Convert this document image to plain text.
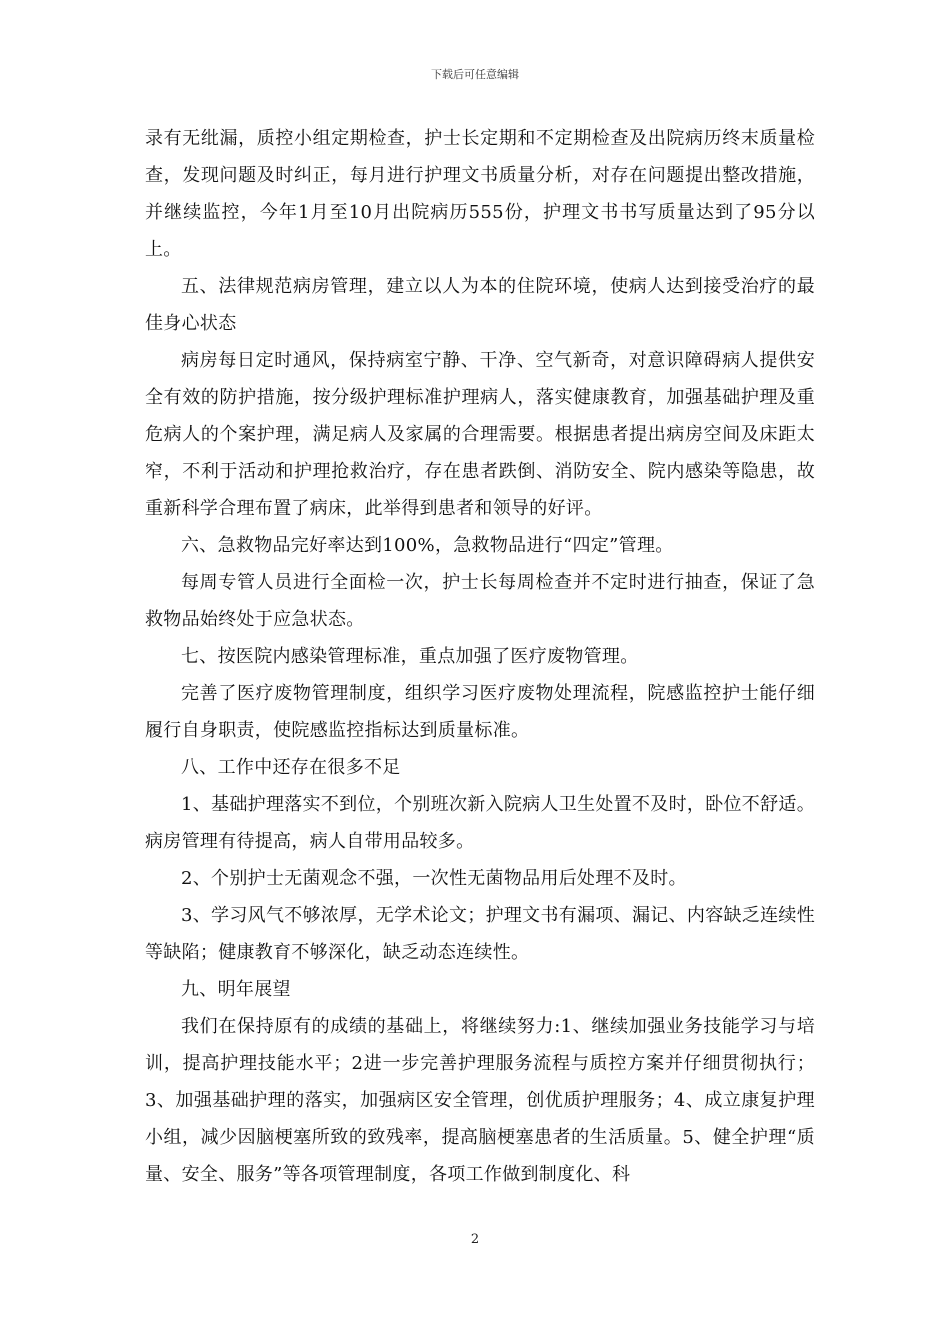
下载后可任意编辑

录有无纰漏，质控小组定期检查，护士长定期和不定期检查及出院病历终末质量检查，发现问题及时纠正，每月进行护理文书质量分析，对存在问题提出整改措施，并继续监控，今年1月至10月出院病历555份，护理文书书写质量达到了95分以上。

五、法律规范病房管理，建立以人为本的住院环境，使病人达到接受治疗的最佳身心状态

病房每日定时通风，保持病室宁静、干净、空气新奇，对意识障碍病人提供安全有效的防护措施，按分级护理标准护理病人，落实健康教育，加强基础护理及重危病人的个案护理，满足病人及家属的合理需要。根据患者提出病房空间及床距太窄，不利于活动和护理抢救治疗，存在患者跌倒、消防安全、院内感染等隐患，故重新科学合理布置了病床，此举得到患者和领导的好评。

六、急救物品完好率达到100%，急救物品进行“四定”管理。

每周专管人员进行全面检一次，护士长每周检查并不定时进行抽查，保证了急救物品始终处于应急状态。

七、按医院内感染管理标准，重点加强了医疗废物管理。

完善了医疗废物管理制度，组织学习医疗废物处理流程，院感监控护士能仔细履行自身职责，使院感监控指标达到质量标准。

八、工作中还存在很多不足

1、基础护理落实不到位，个别班次新入院病人卫生处置不及时，卧位不舒适。病房管理有待提高，病人自带用品较多。

2、个别护士无菌观念不强，一次性无菌物品用后处理不及时。

3、学习风气不够浓厚，无学术论文；护理文书有漏项、漏记、内容缺乏连续性等缺陷；健康教育不够深化，缺乏动态连续性。

九、明年展望

我们在保持原有的成绩的基础上，将继续努力:1、继续加强业务技能学习与培训，提高护理技能水平；2进一步完善护理服务流程与质控方案并仔细贯彻执行；3、加强基础护理的落实，加强病区安全管理，创优质护理服务；4、成立康复护理小组，减少因脑梗塞所致的致残率，提高脑梗塞患者的生活质量。5、健全护理“质量、安全、服务”等各项管理制度，各项工作做到制度化、科

2
